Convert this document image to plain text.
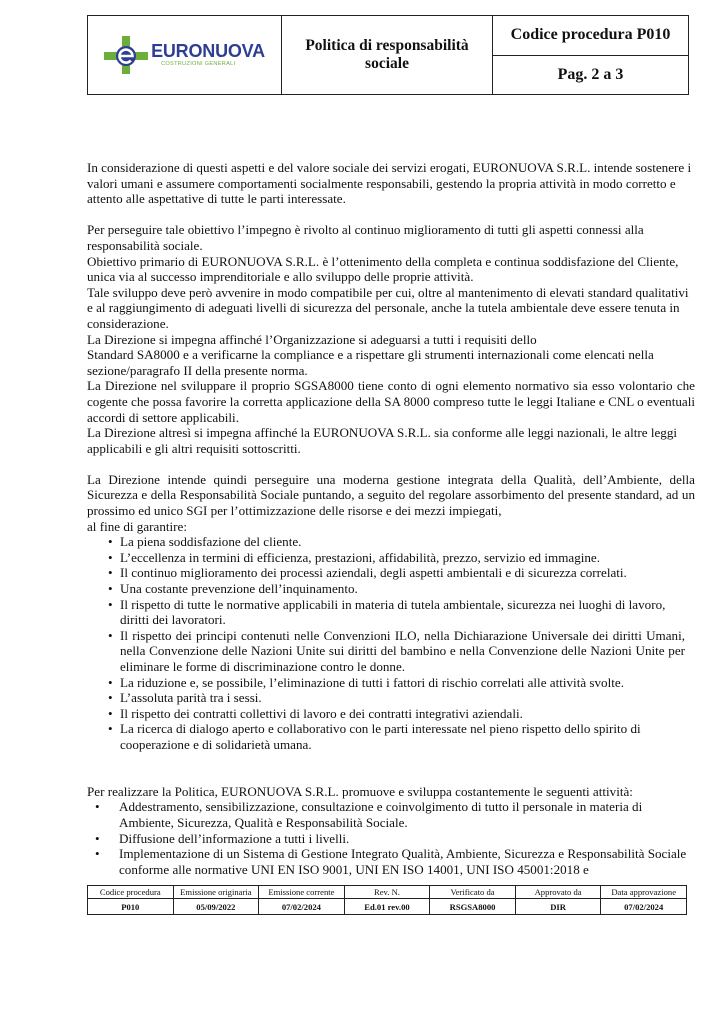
EURONUOVA
COSTRUZIONI GENERALI
Politica di responsabilità sociale
Codice procedura P010
Pag. 2 a 3

In considerazione di questi aspetti e del valore sociale dei servizi erogati, EURONUOVA S.R.L. intende sostenere i valori umani e assumere comportamenti socialmente responsabili, gestendo la propria attività in modo corretto e attento alle aspettative di tutte le parti interessate.

Per perseguire tale obiettivo l’impegno è rivolto al continuo miglioramento di tutti gli aspetti connessi alla responsabilità sociale.

Obiettivo primario di EURONUOVA S.R.L. è l’ottenimento della completa e continua soddisfazione del Cliente, unica via al successo imprenditoriale e allo sviluppo delle proprie attività.

Tale sviluppo deve però avvenire in modo compatibile per cui, oltre al mantenimento di elevati standard qualitativi e al raggiungimento di adeguati livelli di sicurezza del personale, anche la tutela ambientale deve essere tenuta in considerazione.

La Direzione si impegna affinché l’Organizzazione si adeguarsi a tutti i requisiti dello

Standard SA8000 e a verificarne la compliance e a rispettare gli strumenti internazionali come elencati nella sezione/paragrafo II della presente norma.

La Direzione nel sviluppare il proprio SGSA8000 tiene conto di ogni elemento normativo sia esso volontario che cogente che possa favorire la corretta applicazione della SA 8000 compreso tutte le leggi Italiane e CNL o eventuali accordi di settore applicabili.

La Direzione altresì si impegna affinché la EURONUOVA S.R.L. sia conforme alle leggi nazionali, le altre leggi applicabili e gli altri requisiti sottoscritti.

La Direzione intende quindi perseguire una moderna gestione integrata della Qualità, dell’Ambiente, della Sicurezza e della Responsabilità Sociale puntando, a seguito del regolare assorbimento del presente standard, ad un prossimo ed unico SGI per l’ottimizzazione delle risorse e dei mezzi impiegati,

al fine di garantire:

• La piena soddisfazione del cliente.
• L’eccellenza in termini di efficienza, prestazioni, affidabilità, prezzo, servizio ed immagine.
• Il continuo miglioramento dei processi aziendali, degli aspetti ambientali e di sicurezza correlati.
• Una costante prevenzione dell’inquinamento.
• Il rispetto di tutte le normative applicabili in materia di tutela ambientale, sicurezza nei luoghi di lavoro, diritti dei lavoratori.
• Il rispetto dei principi contenuti nelle Convenzioni ILO, nella Dichiarazione Universale dei diritti Umani, nella Convenzione delle Nazioni Unite sui diritti del bambino e nella Convenzione delle Nazioni Unite per eliminare le forme di discriminazione contro le donne.
• La riduzione e, se possibile, l’eliminazione di tutti i fattori di rischio correlati alle attività svolte.
• L’assoluta parità tra i sessi.
• Il rispetto dei contratti collettivi di lavoro e dei contratti integrativi aziendali.
• La ricerca di dialogo aperto e collaborativo con le parti interessate nel pieno rispetto dello spirito di cooperazione e di solidarietà umana.

Per realizzare la Politica, EURONUOVA S.R.L. promuove e sviluppa costantemente le seguenti attività:

• Addestramento, sensibilizzazione, consultazione e coinvolgimento di tutto il personale in materia di Ambiente, Sicurezza, Qualità e Responsabilità Sociale.
• Diffusione dell’informazione a tutti i livelli.
• Implementazione di un Sistema di Gestione Integrato Qualità, Ambiente, Sicurezza e Responsabilità Sociale conforme alle normative UNI EN ISO 9001, UNI EN ISO 14001, UNI ISO 45001:2018 e
Codice procedura	Emissione originaria	Emissione corrente	Rev. N.	Verificato da	Approvato da	Data approvazione
P010	05/09/2022	07/02/2024	Ed.01 rev.00	RSGSA8000	DIR	07/02/2024
